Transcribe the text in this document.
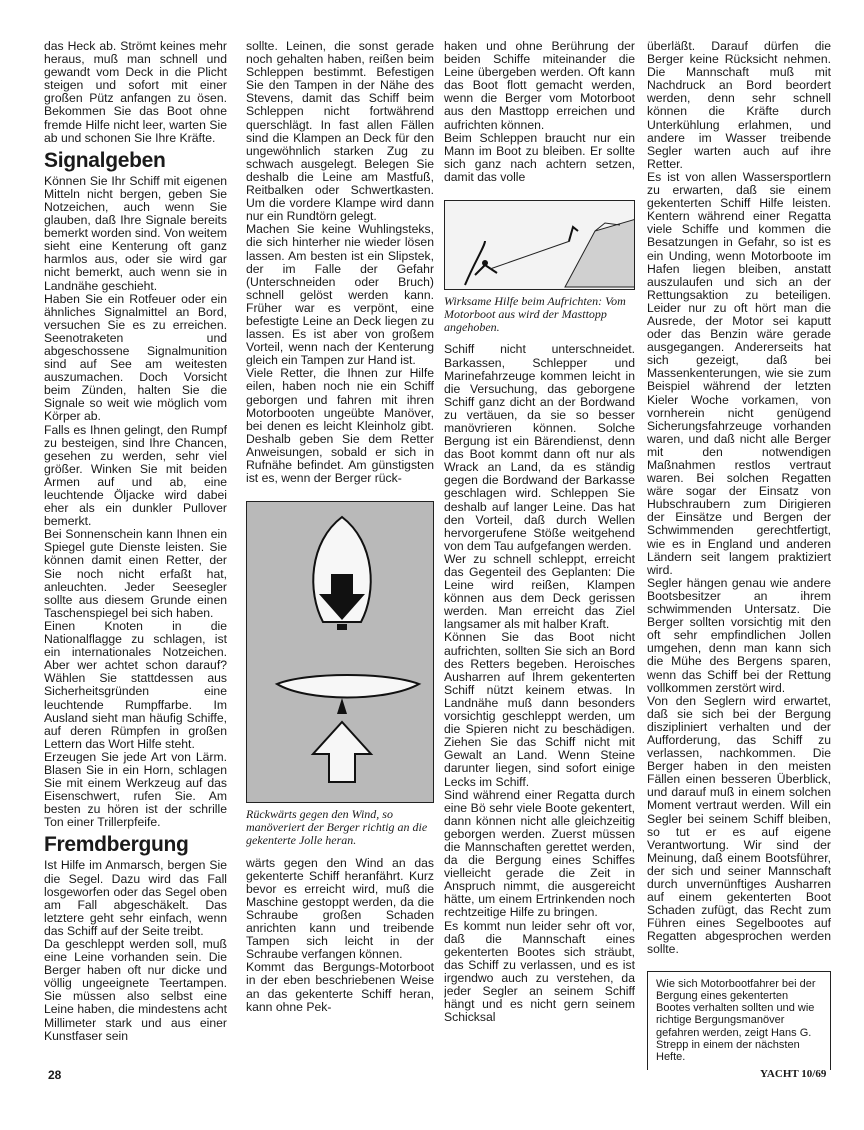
das Heck ab. Strömt keines mehr heraus, muß man schnell und gewandt vom Deck in die Plicht steigen und sofort mit einer großen Pütz anfangen zu ösen. Bekommen Sie das Boot ohne fremde Hilfe nicht leer, warten Sie ab und schonen Sie Ihre Kräfte.

Signalgeben

Können Sie Ihr Schiff mit eigenen Mitteln nicht bergen, geben Sie Notzeichen, auch wenn Sie glauben, daß Ihre Signale bereits bemerkt worden sind. Von weitem sieht eine Kenterung oft ganz harmlos aus, oder sie wird gar nicht bemerkt, auch wenn sie in Landnähe geschieht.

Haben Sie ein Rotfeuer oder ein ähnliches Signalmittel an Bord, versuchen Sie es zu erreichen. Seenotraketen und abgeschossene Signalmunition sind auf See am weitesten auszumachen. Doch Vorsicht beim Zünden, halten Sie die Signale so weit wie möglich vom Körper ab.

Falls es Ihnen gelingt, den Rumpf zu besteigen, sind Ihre Chancen, gesehen zu werden, sehr viel größer. Winken Sie mit beiden Armen auf und ab, eine leuchtende Öljacke wird dabei eher als ein dunkler Pullover bemerkt.

Bei Sonnenschein kann Ihnen ein Spiegel gute Dienste leisten. Sie können damit einen Retter, der Sie noch nicht erfaßt hat, anleuchten. Jeder Seesegler sollte aus diesem Grunde einen Taschenspiegel bei sich haben.

Einen Knoten in die Nationalflagge zu schlagen, ist ein internationales Notzeichen. Aber wer achtet schon darauf? Wählen Sie stattdessen aus Sicherheitsgründen eine leuchtende Rumpffarbe. Im Ausland sieht man häufig Schiffe, auf deren Rümpfen in großen Lettern das Wort Hilfe steht.

Erzeugen Sie jede Art von Lärm. Blasen Sie in ein Horn, schlagen Sie mit einem Werkzeug auf das Eisenschwert, rufen Sie. Am besten zu hören ist der schrille Ton einer Trillerpfeife.

Fremdbergung

Ist Hilfe im Anmarsch, bergen Sie die Segel. Dazu wird das Fall losgeworfen oder das Segel oben am Fall abgeschäkelt. Das letztere geht sehr einfach, wenn das Schiff auf der Seite treibt.

Da geschleppt werden soll, muß eine Leine vorhanden sein. Die Berger haben oft nur dicke und völlig ungeeignete Teertampen. Sie müssen also selbst eine Leine haben, die mindestens acht Millimeter stark und aus einer Kunstfaser sein

sollte. Leinen, die sonst gerade noch gehalten haben, reißen beim Schleppen bestimmt. Befestigen Sie den Tampen in der Nähe des Stevens, damit das Schiff beim Schleppen nicht fortwährend querschlägt. In fast allen Fällen sind die Klampen an Deck für den ungewöhnlich starken Zug zu schwach ausgelegt. Belegen Sie deshalb die Leine am Mastfuß, Reitbalken oder Schwertkasten. Um die vordere Klampe wird dann nur ein Rundtörn gelegt.

Machen Sie keine Wuhlingsteks, die sich hinterher nie wieder lösen lassen. Am besten ist ein Slipstek, der im Falle der Gefahr (Unterschneiden oder Bruch) schnell gelöst werden kann. Früher war es verpönt, eine befestigte Leine an Deck liegen zu lassen. Es ist aber von großem Vorteil, wenn nach der Kenterung gleich ein Tampen zur Hand ist.

Viele Retter, die Ihnen zur Hilfe eilen, haben noch nie ein Schiff geborgen und fahren mit ihren Motorbooten ungeübte Manöver, bei denen es leicht Kleinholz gibt. Deshalb geben Sie dem Retter Anweisungen, sobald er sich in Rufnähe befindet. Am günstigsten ist es, wenn der Berger rück-

Rückwärts gegen den Wind, so manöveriert der Berger richtig an die gekenterte Jolle heran.

wärts gegen den Wind an das gekenterte Schiff heranfährt. Kurz bevor es erreicht wird, muß die Maschine gestoppt werden, da die Schraube großen Schaden anrichten kann und treibende Tampen sich leicht in der Schraube verfangen können.

Kommt das Bergungs-Motorboot in der eben beschriebenen Weise an das gekenterte Schiff heran, kann ohne Pek-

haken und ohne Berührung der beiden Schiffe miteinander die Leine übergeben werden. Oft kann das Boot flott gemacht werden, wenn die Berger vom Motorboot aus den Masttopp erreichen und aufrichten können.

Beim Schleppen braucht nur ein Mann im Boot zu bleiben. Er sollte sich ganz nach achtern setzen, damit das volle

Wirksame Hilfe beim Aufrichten: Vom Motorboot aus wird der Masttopp angehoben.

Schiff nicht unterschneidet. Barkassen, Schlepper und Marinefahrzeuge kommen leicht in die Versuchung, das geborgene Schiff ganz dicht an der Bordwand zu vertäuen, da sie so besser manövrieren können. Solche Bergung ist ein Bärendienst, denn das Boot kommt dann oft nur als Wrack an Land, da es ständig gegen die Bordwand der Barkasse geschlagen wird. Schleppen Sie deshalb auf langer Leine. Das hat den Vorteil, daß durch Wellen hervorgerufene Stöße weitgehend von dem Tau aufgefangen werden.

Wer zu schnell schleppt, erreicht das Gegenteil des Geplanten: Die Leine wird reißen, Klampen können aus dem Deck gerissen werden. Man erreicht das Ziel langsamer als mit halber Kraft.

Können Sie das Boot nicht aufrichten, sollten Sie sich an Bord des Retters begeben. Heroisches Ausharren auf Ihrem gekenterten Schiff nützt keinem etwas. In Landnähe muß dann besonders vorsichtig geschleppt werden, um die Spieren nicht zu beschädigen. Ziehen Sie das Schiff nicht mit Gewalt an Land. Wenn Steine darunter liegen, sind sofort einige Lecks im Schiff.

Sind während einer Regatta durch eine Bö sehr viele Boote gekentert, dann können nicht alle gleichzeitig geborgen werden. Zuerst müssen die Mannschaften gerettet werden, da die Bergung eines Schiffes vielleicht gerade die Zeit in Anspruch nimmt, die ausgereicht hätte, um einem Ertrinkenden noch rechtzeitige Hilfe zu bringen.

Es kommt nun leider sehr oft vor, daß die Mannschaft eines gekenterten Bootes sich sträubt, das Schiff zu verlassen, und es ist irgendwo auch zu verstehen, da jeder Segler an seinem Schiff hängt und es nicht gern seinem Schicksal

überläßt. Darauf dürfen die Berger keine Rücksicht nehmen. Die Mannschaft muß mit Nachdruck an Bord beordert werden, denn sehr schnell können die Kräfte durch Unterkühlung erlahmen, und andere im Wasser treibende Segler warten auch auf ihre Retter.

Es ist von allen Wassersportlern zu erwarten, daß sie einem gekenterten Schiff Hilfe leisten. Kentern während einer Regatta viele Schiffe und kommen die Besatzungen in Gefahr, so ist es ein Unding, wenn Motorboote im Hafen liegen bleiben, anstatt auszulaufen und sich an der Rettungsaktion zu beteiligen. Leider nur zu oft hört man die Ausrede, der Motor sei kaputt oder das Benzin wäre gerade ausgegangen. Andererseits hat sich gezeigt, daß bei Massenkenterungen, wie sie zum Beispiel während der letzten Kieler Woche vorkamen, von vornherein nicht genügend Sicherungsfahrzeuge vorhanden waren, und daß nicht alle Berger mit den notwendigen Maßnahmen restlos vertraut waren. Bei solchen Regatten wäre sogar der Einsatz von Hubschraubern zum Dirigieren der Einsätze und Bergen der Schwimmenden gerechtfertigt, wie es in England und anderen Ländern seit langem praktiziert wird.

Segler hängen genau wie andere Bootsbesitzer an ihrem schwimmenden Untersatz. Die Berger sollten vorsichtig mit den oft sehr empfindlichen Jollen umgehen, denn man kann sich die Mühe des Bergens sparen, wenn das Schiff bei der Rettung vollkommen zerstört wird.

Von den Seglern wird erwartet, daß sie sich bei der Bergung diszipliniert verhalten und der Aufforderung, das Schiff zu verlassen, nachkommen. Die Berger haben in den meisten Fällen einen besseren Überblick, und darauf muß in einem solchen Moment vertraut werden. Will ein Segler bei seinem Schiff bleiben, so tut er es auf eigene Verantwortung. Wir sind der Meinung, daß einem Bootsführer, der sich und seiner Mannschaft durch unvernünftiges Ausharren auf einem gekenterten Boot Schaden zufügt, das Recht zum Führen eines Segelbootes auf Regatten abgesprochen werden sollte.

Wie sich Motorbootfahrer bei der Bergung eines gekenterten Bootes verhalten sollten und wie richtige Bergungsmanöver gefahren werden, zeigt Hans G. Strepp in einem der nächsten Hefte.
28	YACHT 10/69
